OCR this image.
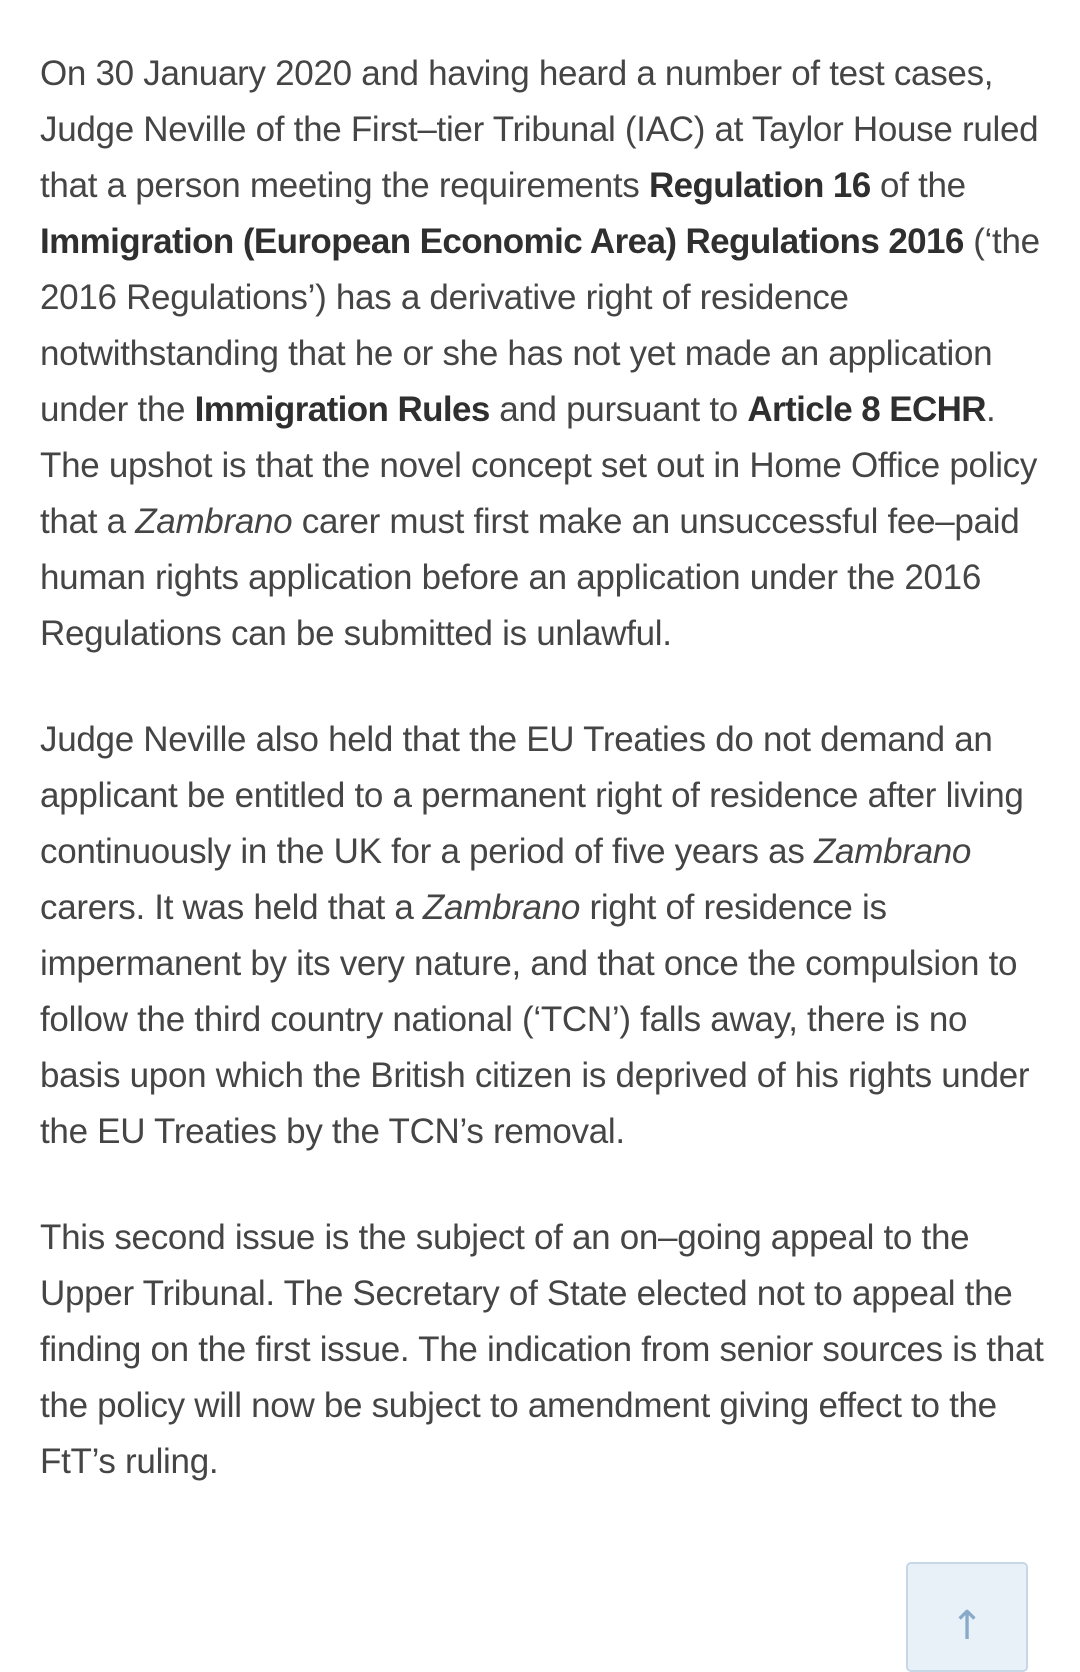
On 30 January 2020 and having heard a number of test cases, Judge Neville of the First–tier Tribunal (IAC) at Taylor House ruled that a person meeting the requirements Regulation 16 of the Immigration (European Economic Area) Regulations 2016 (‘the 2016 Regulations’) has a derivative right of residence notwithstanding that he or she has not yet made an application under the Immigration Rules and pursuant to Article 8 ECHR. The upshot is that the novel concept set out in Home Office policy that a Zambrano carer must first make an unsuccessful fee–paid human rights application before an application under the 2016 Regulations can be submitted is unlawful.

Judge Neville also held that the EU Treaties do not demand an applicant be entitled to a permanent right of residence after living continuously in the UK for a period of five years as Zambrano carers. It was held that a Zambrano right of residence is impermanent by its very nature, and that once the compulsion to follow the third country national (‘TCN’) falls away, there is no basis upon which the British citizen is deprived of his rights under the EU Treaties by the TCN’s removal.

This second issue is the subject of an on–going appeal to the Upper Tribunal. The Secretary of State elected not to appeal the finding on the first issue. The indication from senior sources is that the policy will now be subject to amendment giving effect to the FtT’s ruling.

↑
